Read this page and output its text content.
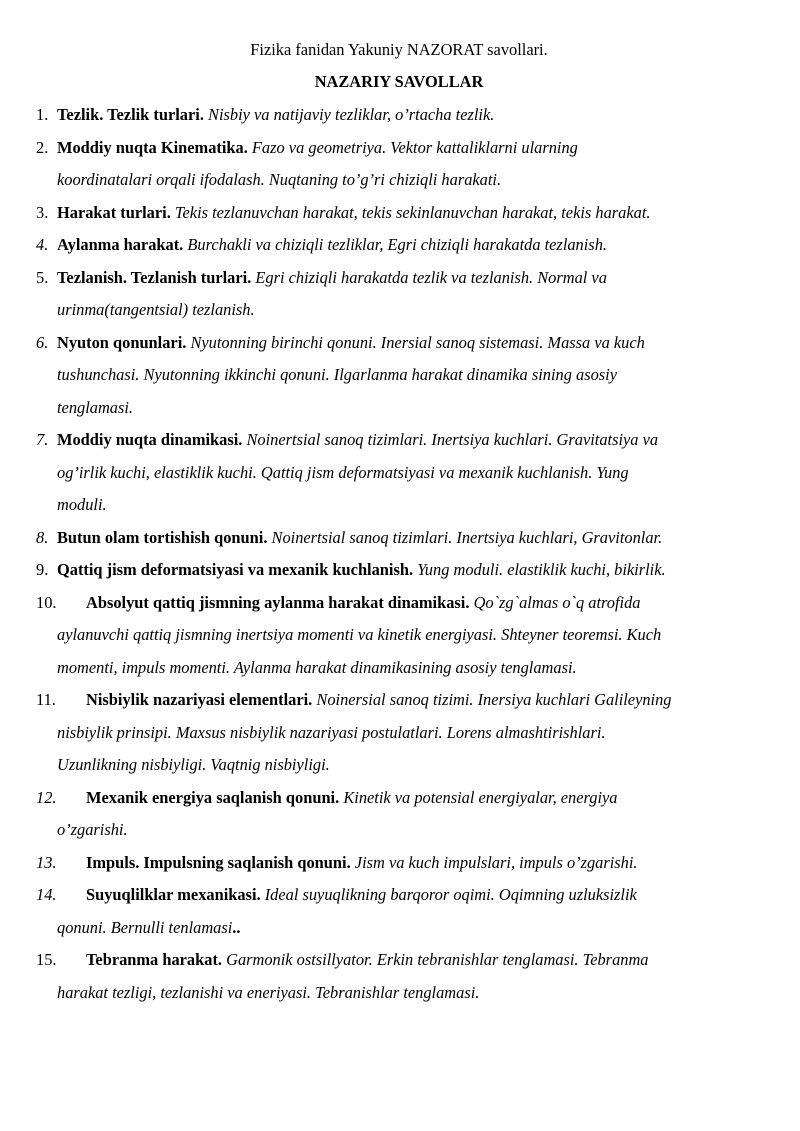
Fizika fanidan Yakuniy NAZORAT savollari.

NAZARIY SAVOLLAR

1. Tezlik. Tezlik turlari. Nisbiy va natijaviy tezliklar, o’rtacha tezlik.
2. Moddiy nuqta Kinematika. Fazo va geometriya. Vektor kattaliklarni ularning
koordinatalari orqali ifodalash. Nuqtaning to’g’ri chiziqli harakati.
3. Harakat turlari. Tekis tezlanuvchan harakat, tekis sekinlanuvchan harakat, tekis harakat.
4. Aylanma harakat. Burchakli va chiziqli tezliklar, Egri chiziqli harakatda tezlanish.
5. Tezlanish. Tezlanish turlari. Egri chiziqli harakatda tezlik va tezlanish. Normal va
urinma(tangentsial) tezlanish.
6. Nyuton qonunlari. Nyutonning birinchi qonuni. Inersial sanoq sistemasi. Massa va kuch
tushunchasi. Nyutonning ikkinchi qonuni. Ilgarlanma harakat dinamika sining asosiy
tenglamasi.
7. Moddiy nuqta dinamikasi. Noinertsial sanoq tizimlari. Inertsiya kuchlari. Gravitatsiya va
og’irlik kuchi, elastiklik kuchi. Qattiq jism deformatsiyasi va mexanik kuchlanish. Yung
moduli.
8. Butun olam tortishish qonuni. Noinertsial sanoq tizimlari. Inertsiya kuchlari, Gravitonlar.
9. Qattiq jism deformatsiyasi va mexanik kuchlanish. Yung moduli. elastiklik kuchi, bikirlik.
10. Absolyut qattiq jismning aylanma harakat dinamikasi. Qo`zg`almas o`q atrofida
aylanuvchi qattiq jismning inertsiya momenti va kinetik energiyasi. Shteyner teoremsi. Kuch
momenti, impuls momenti. Aylanma harakat dinamikasining asosiy tenglamasi.
11. Nisbiylik nazariyasi elementlari. Noinersial sanoq tizimi. Inersiya kuchlari Galileyning
nisbiylik prinsipi. Maxsus nisbiylik nazariyasi postulatlari. Lorens almashtirishlari.
Uzunlikning nisbiyligi. Vaqtnig nisbiyligi.
12. Mexanik energiya saqlanish qonuni. Kinetik va potensial energiyalar, energiya
o’zgarishi.
13. Impuls. Impulsning saqlanish qonuni. Jism va kuch impulslari, impuls o’zgarishi.
14. Suyuqlilklar mexanikasi. Ideal suyuqlikning barqoror oqimi. Oqimning uzluksizlik
qonuni. Bernulli tenlamasi..
15. Tebranma harakat. Garmonik ostsillyator. Erkin tebranishlar tenglamasi. Tebranma
harakat tezligi, tezlanishi va eneriyasi. Tebranishlar tenglamasi.
